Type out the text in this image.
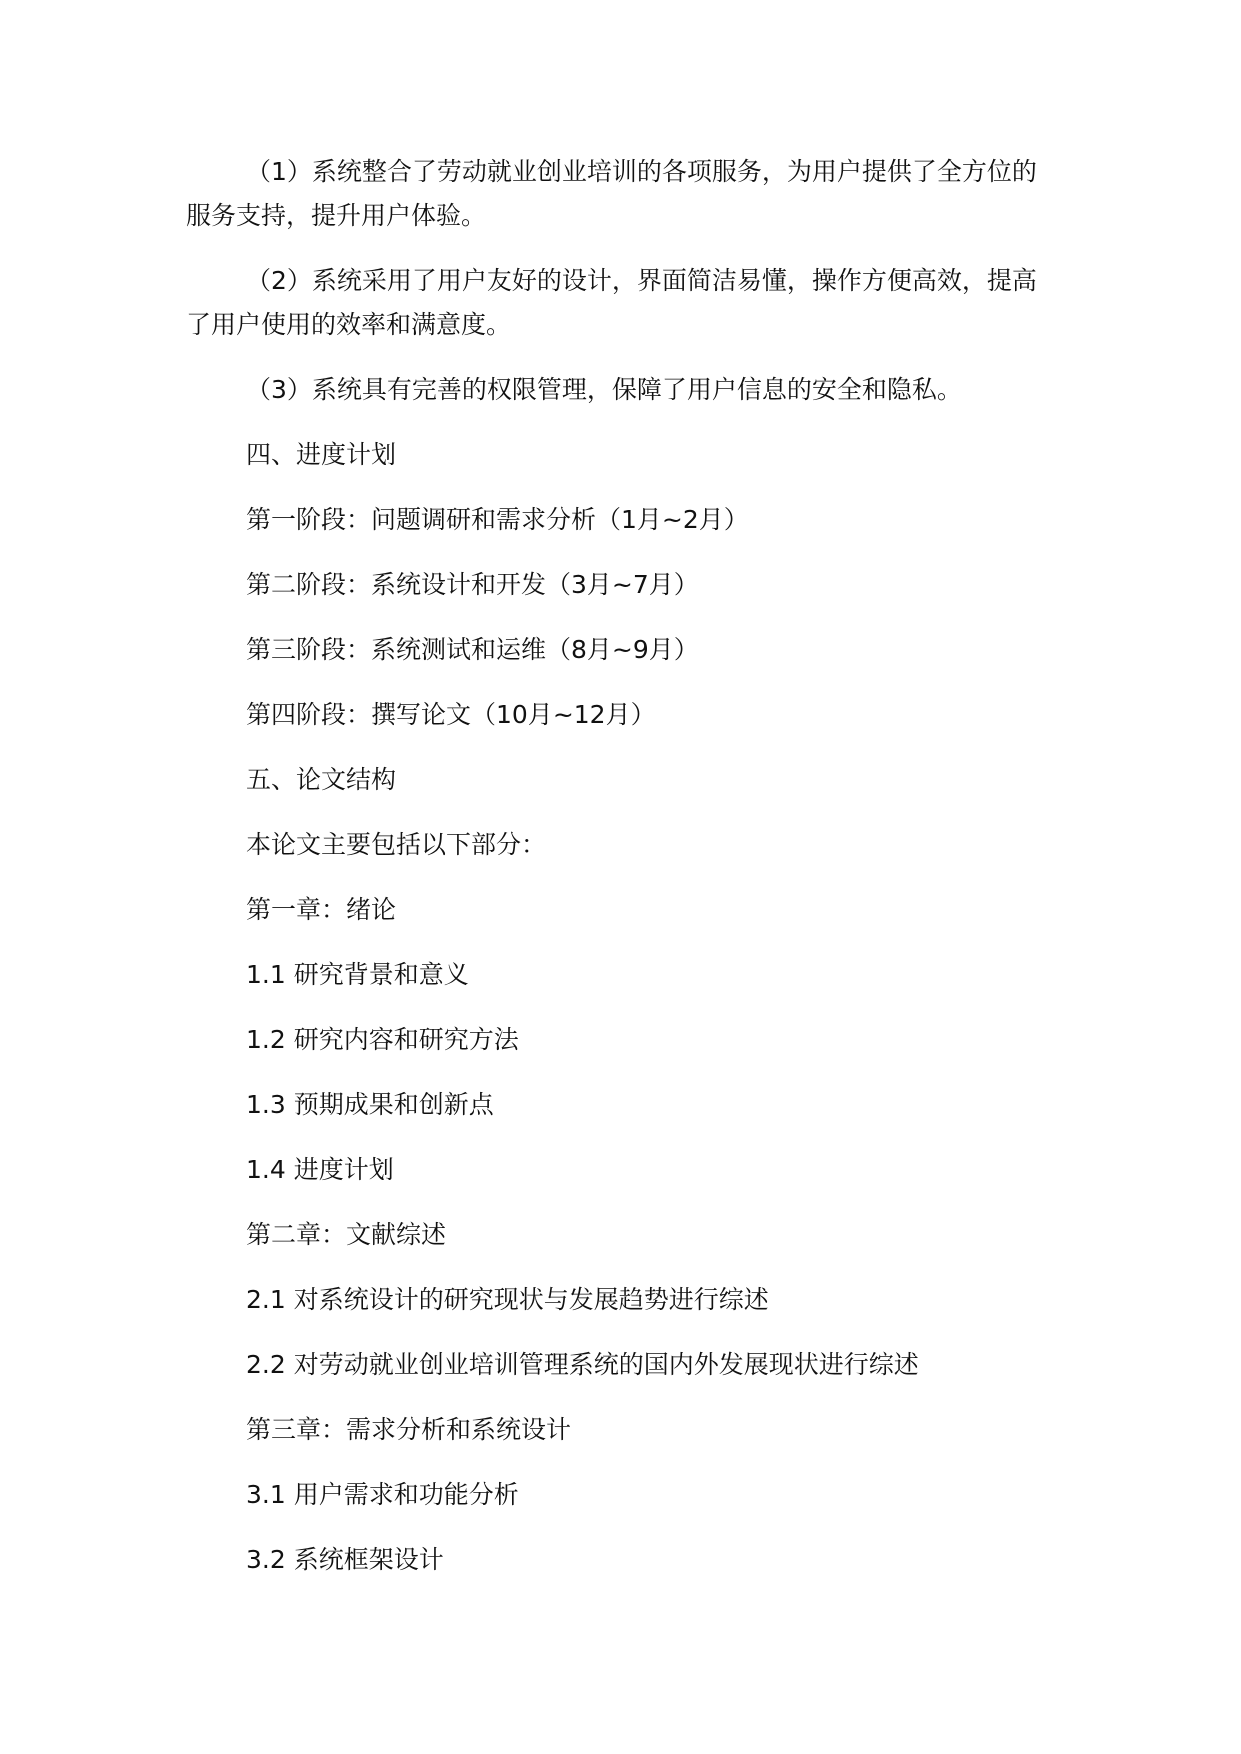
（1）系统整合了劳动就业创业培训的各项服务，为用户提供了全方位的服务支持，提升用户体验。

（2）系统采用了用户友好的设计，界面简洁易懂，操作方便高效，提高了用户使用的效率和满意度。

（3）系统具有完善的权限管理，保障了用户信息的安全和隐私。

四、进度计划
第一阶段：问题调研和需求分析（1月~2月）
第二阶段：系统设计和开发（3月~7月）
第三阶段：系统测试和运维（8月~9月）
第四阶段：撰写论文（10月~12月）
五、论文结构
本论文主要包括以下部分：
第一章：绪论
1.1 研究背景和意义
1.2 研究内容和研究方法
1.3 预期成果和创新点
1.4 进度计划
第二章：文献综述
2.1 对系统设计的研究现状与发展趋势进行综述
2.2 对劳动就业创业培训管理系统的国内外发展现状进行综述
第三章：需求分析和系统设计
3.1 用户需求和功能分析
3.2 系统框架设计
